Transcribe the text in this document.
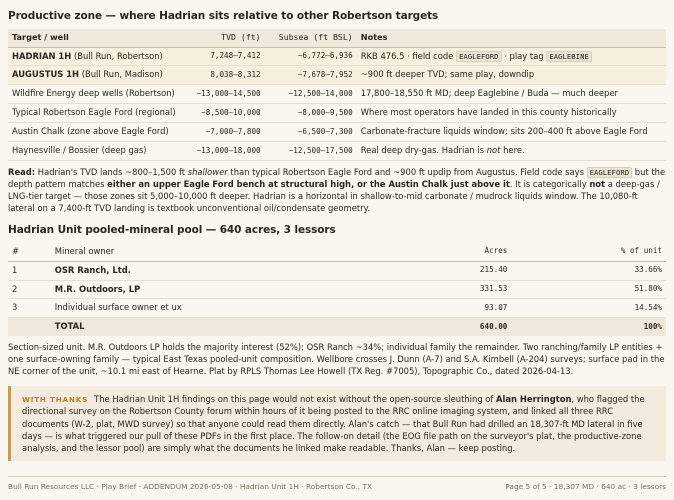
Productive zone — where Hadrian sits relative to other Robertson targets
Target / well	TVD (ft)	Subsea (ft BSL)	Notes
HADRIAN 1H (Bull Run, Robertson)	7,248–7,412	~6,772–6,936	RKB 476.5 · field code EAGLEFORD · play tag EAGLEBINE
AUGUSTUS 1H (Bull Run, Madison)	8,038–8,312	~7,678–7,952	~900 ft deeper TVD; same play, downdip
Wildfire Energy deep wells (Robertson)	~13,000–14,500	~12,500–14,000	17,800–18,550 ft MD; deep Eaglebine / Buda — much deeper
Typical Robertson Eagle Ford (regional)	~8,500–10,000	~8,000–9,500	Where most operators have landed in this county historically
Austin Chalk (zone above Eagle Ford)	~7,000–7,800	~6,500–7,300	Carbonate-fracture liquids window; sits 200–400 ft above Eagle Ford
Haynesville / Bossier (deep gas)	~13,000–18,000	~12,500–17,500	Real deep dry-gas. Hadrian is not here.

Read: Hadrian's TVD lands ~800–1,500 ft shallower than typical Robertson Eagle Ford and ~900 ft updip from Augustus. Field code says EAGLEFORD but the depth pattern matches either an upper Eagle Ford bench at structural high, or the Austin Chalk just above it. It is categorically not a deep-gas / LNG-tier target — those zones sit 5,000–10,000 ft deeper. Hadrian is a horizontal in shallow-to-mid carbonate / mudrock liquids window. The 10,080-ft lateral on a 7,400-ft TVD landing is textbook unconventional oil/condensate geometry.

Hadrian Unit pooled-mineral pool — 640 acres, 3 lessors
#	Mineral owner	Acres	% of unit
1	OSR Ranch, Ltd.	215.40	33.66%
2	M.R. Outdoors, LP	331.53	51.80%
3	Individual surface owner et ux	93.07	14.54%
	TOTAL	640.00	100%

Section-sized unit. M.R. Outdoors LP holds the majority interest (52%); OSR Ranch ~34%; individual family the remainder. Two ranching/family LP entities + one surface-owning family — typical East Texas pooled-unit composition. Wellbore crosses J. Dunn (A-7) and S.A. Kimbell (A-204) surveys; surface pad in the NE corner of the unit, ~10.1 mi east of Hearne. Plat by RPLS Thomas Lee Howell (TX Reg. #7005), Topographic Co., dated 2026-04-13.

WITH THANKS The Hadrian Unit 1H findings on this page would not exist without the open-source sleuthing of Alan Herrington, who flagged the directional survey on the Robertson County forum within hours of it being posted to the RRC online imaging system, and linked all three RRC documents (W-2, plat, MWD survey) so that anyone could read them directly. Alan's catch — that Bull Run had drilled an 18,307-ft MD lateral in five days — is what triggered our pull of these PDFs in the first place. The follow-on detail (the EOG file path on the surveyor's plat, the productive-zone analysis, and the lessor pool) are simply what the documents he linked make readable. Thanks, Alan — keep posting.
Bull Run Resources LLC · Play Brief · ADDENDUM 2026-05-08 · Hadrian Unit 1H · Robertson Co., TX	Page 5 of 5 · 18,307 MD · 640 ac · 3 lessors
